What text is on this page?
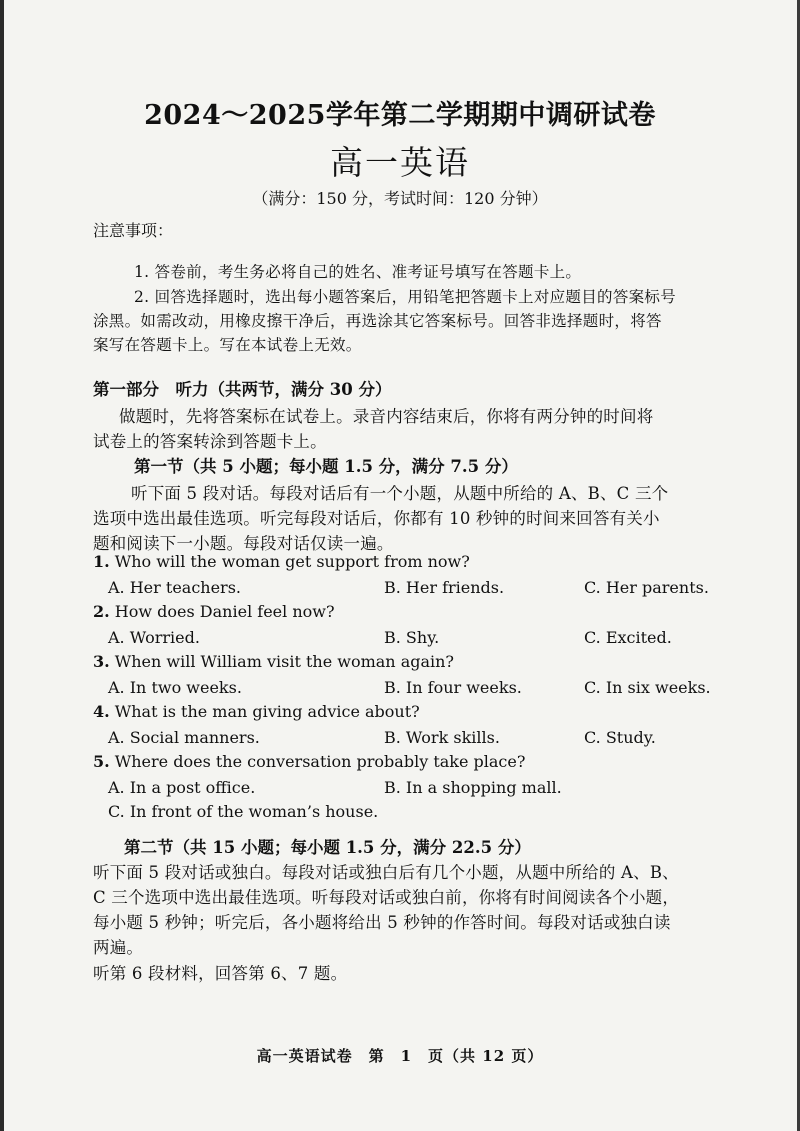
2024～2025学年第二学期期中调研试卷
高一英语
（满分：150 分，考试时间：120 分钟）
注意事项：
1. 答卷前，考生务必将自己的姓名、准考证号填写在答题卡上。
2. 回答选择题时，选出每小题答案后，用铅笔把答题卡上对应题目的答案标号
涂黑。如需改动，用橡皮擦干净后，再选涂其它答案标号。回答非选择题时，将答
案写在答题卡上。写在本试卷上无效。
第一部分　听力（共两节，满分 30 分）
做题时，先将答案标在试卷上。录音内容结束后，你将有两分钟的时间将
试卷上的答案转涂到答题卡上。
第一节（共 5 小题；每小题 1.5 分，满分 7.5 分）
听下面 5 段对话。每段对话后有一个小题，从题中所给的 A、B、C 三个
选项中选出最佳选项。听完每段对话后，你都有 10 秒钟的时间来回答有关小
题和阅读下一小题。每段对话仅读一遍。
1. Who will the woman get support from now?
A. Her teachers.	B. Her friends.	C. Her parents.
2. How does Daniel feel now?
A. Worried.	B. Shy.	C. Excited.
3. When will William visit the woman again?
A. In two weeks.	B. In four weeks.	C. In six weeks.
4. What is the man giving advice about?
A. Social manners.	B. Work skills.	C. Study.
5. Where does the conversation probably take place?
A. In a post office.	B. In a shopping mall.
C. In front of the woman’s house.
第二节（共 15 小题；每小题 1.5 分，满分 22.5 分）
听下面 5 段对话或独白。每段对话或独白后有几个小题，从题中所给的 A、B、
C 三个选项中选出最佳选项。听每段对话或独白前，你将有时间阅读各个小题，
每小题 5 秒钟；听完后，各小题将给出 5 秒钟的作答时间。每段对话或独白读
两遍。
听第 6 段材料，回答第 6、7 题。
高一英语试卷　第　1　页（共 12 页）
